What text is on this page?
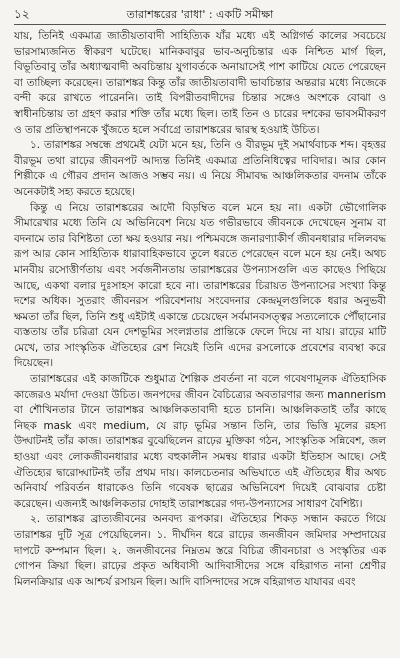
১২	তারাশঙ্করের 'রাধা' : একটি সমীক্ষা

যায়, তিনিই একমাত্র জাতীয়তাবাদী সাহিত্যিক যাঁর মধ্যে এই অগ্নিগর্ভ কালের সবচেয়ে ভারসাম্যজনিত স্বীকরণ ঘটেছে। মানিকবাবুর ভাব-অনুচিন্তার এক নিশ্চিত মার্গ ছিল, বিভূতিবাবু তাঁর অধ্যাত্মবাদী অবচিন্তায় যুগাবর্তকে অনায়াসেই পাশ কাটিয়ে যেতে পেরেছেন বা তাচ্ছিল্য করেছেন। তারাশঙ্কর কিন্তু তাঁর জাতীয়তাবাদী ভাবচিন্তার অন্তরার মধ্যে নিজেকে বন্দী করে রাখতে পারেননি। তাই বিপরীতবাদীদের চিন্তার সঙ্গেও অংশকে বোঝা ও স্বাধীনচিন্তায় তা গ্রহণ করার শক্তি তাঁর মধ্যে ছিল। তাই তিন ও চারের দশকের ভাবসমীকরণ ও তার প্রতিস্থাপনকে খুঁজতে হলে সর্বাগ্রে তারাশঙ্করের দ্বারস্থ হওয়াই উচিত।

১. তারাশঙ্কর সম্বন্ধে প্রথমেই যেটা মনে হয়, তিনি ও বীরভূম দুই সমার্থবাচক শব্দ। বৃহত্তর বীরভূম তথা রাঢ়ের জীবনপট আদ্যন্ত তিনিই একমাত্র প্রতিনিধিত্বের দাবিদার। আর কোন শিল্পীকে এ গৌরব প্রদান আজও সম্ভব নয়। এ নিয়ে সীমাবদ্ধ আঞ্চলিকতার বদনাম তাঁকে অনেকটাই সহ্য করতে হয়েছে।

কিন্তু এ নিয়ে তারাশঙ্করের আদৌ বিড়ম্বিত বলে মনে হয় না। একটা ভৌগোলিক সীমারেখার মধ্যে তিনি যে অভিনিবেশ নিয়ে যত গভীরভাবে জীবনকে দেখেছেন সুনাম বা বদনামে তার বিশিষ্টতা তো ক্ষয় হওয়ার নয়। পশ্চিমবঙ্গে জনারণ্যাকীর্ণ জীবনধারার দলিলবদ্ধ রূপ আর কোন সাহিত্যিক ধারাবাহিকভাবে তুলে ধরতে পেরেছেন বলে মনে হয় নেই। অথচ মানবীয় রসোত্তীর্ণতায় এবং সর্বজনীনতায় তারাশঙ্করের উপন্যাসগুলি এত কাছেও পিছিয়ে আছে, একথা বলার দুঃসাহস কারো হবে না। তারাশঙ্করের চিরায়ত উপন্যাসের সংখ্যা কিন্তু দশের অধিক। সুতরাং জীবনরস পরিবেশনায় সংবেদনার কেন্দ্রমূলগুলিকে ধরার অনুভবী ক্ষমতা তাঁর ছিল, তিনি শুধু এইটাই একান্তে চেয়েছেন সর্বমানবসত্ত্বর সত্যলোকে পৌঁছানোর ব্যস্ততায় তাঁর চরিত্রা যেন দেশভূমির সংলগ্নতার প্রান্তিকে ফেলে দিয়ে না যায়। রাঢ়ের মাটি মেখে, তার সাংস্কৃতিক ঐতিহ্যের রেশ নিয়েই তিনি এদের রসলোকে প্রবেশের ব্যবস্থা করে দিয়েছেন।

তারাশঙ্করের এই কাজটিকে শুধুমাত্র শৈল্পিক প্রবর্তনা না বলে গবেষণামূলক ঐতিহাসিক কাজেরও মর্যাদা দেওয়া উচিত। জনপদের জীবন বৈচিত্র্যের অবতারণার জন্য mannerism বা শৌখিনতার টানে তারাশঙ্কর আঞ্চলিকতাবাদী হতে চাননি। আঞ্চলিকতাই তাঁর কাছে নিছক mask এবং medium, যে রাঢ় ভূমির সন্তান তিনি, তার ভিত্তি মূলের রহস্য উদ্ঘাটনই তাঁর কাজ। তারাশঙ্কর বুঝেছিলেন রাঢ়ের মুক্তিকা গঠন, সাংস্কৃতিক সন্নিবেশ, জল হাওয়া এবং লোকজীবনধারার মধ্যে বহুকালীন সমন্বয় ধারার একটা ইতিহাস আছে। সেই ঐতিহ্যের দ্বারোদ্ঘাটনই তাঁর প্রথম দায়। কালচেতনার অভিঘাতে এই ঐতিহ্যের ধীর অথচ অনিবার্য পরিবর্তন ধারাকেও তিনি গবেষক ছাত্রের অভিনিবেশ দিয়েই বোঝবার চেষ্টা করেছেন। এজন্যই আঞ্চলিকতার দোহাই তারাশঙ্করের গদ্য-উপন্যাসের সাধারণ বৈশিষ্ট্য।

২. তারাশঙ্কর ব্রাত্যজীবনের অনবদ্য রূপকার। ঐতিহ্যের শিকড় সন্ধান করতে গিয়ে তারাশঙ্কর দুটি সূত্র পেয়েছিলেন। ১. দীর্ঘদিন ধরে রাঢ়ের জনজীবন জমিদার সম্প্রদায়ের দাপটে কম্পমান ছিল। ২. জনজীবনের নিম্নতম স্তরে বিচিত্র জীবনচারা ও সংস্কৃতির এক গোপন ক্রিয়া ছিল। রাঢ়ের প্রকৃত অধিবাসী আদিবাসীদের সঙ্গে বহিরাগত নানা শ্রেণীর মিলনক্রিয়ার এক আশ্চর্য রসায়ন ছিল। আদি বাসিন্দাদের সঙ্গে বহিরাগত যাযাবর এবং
